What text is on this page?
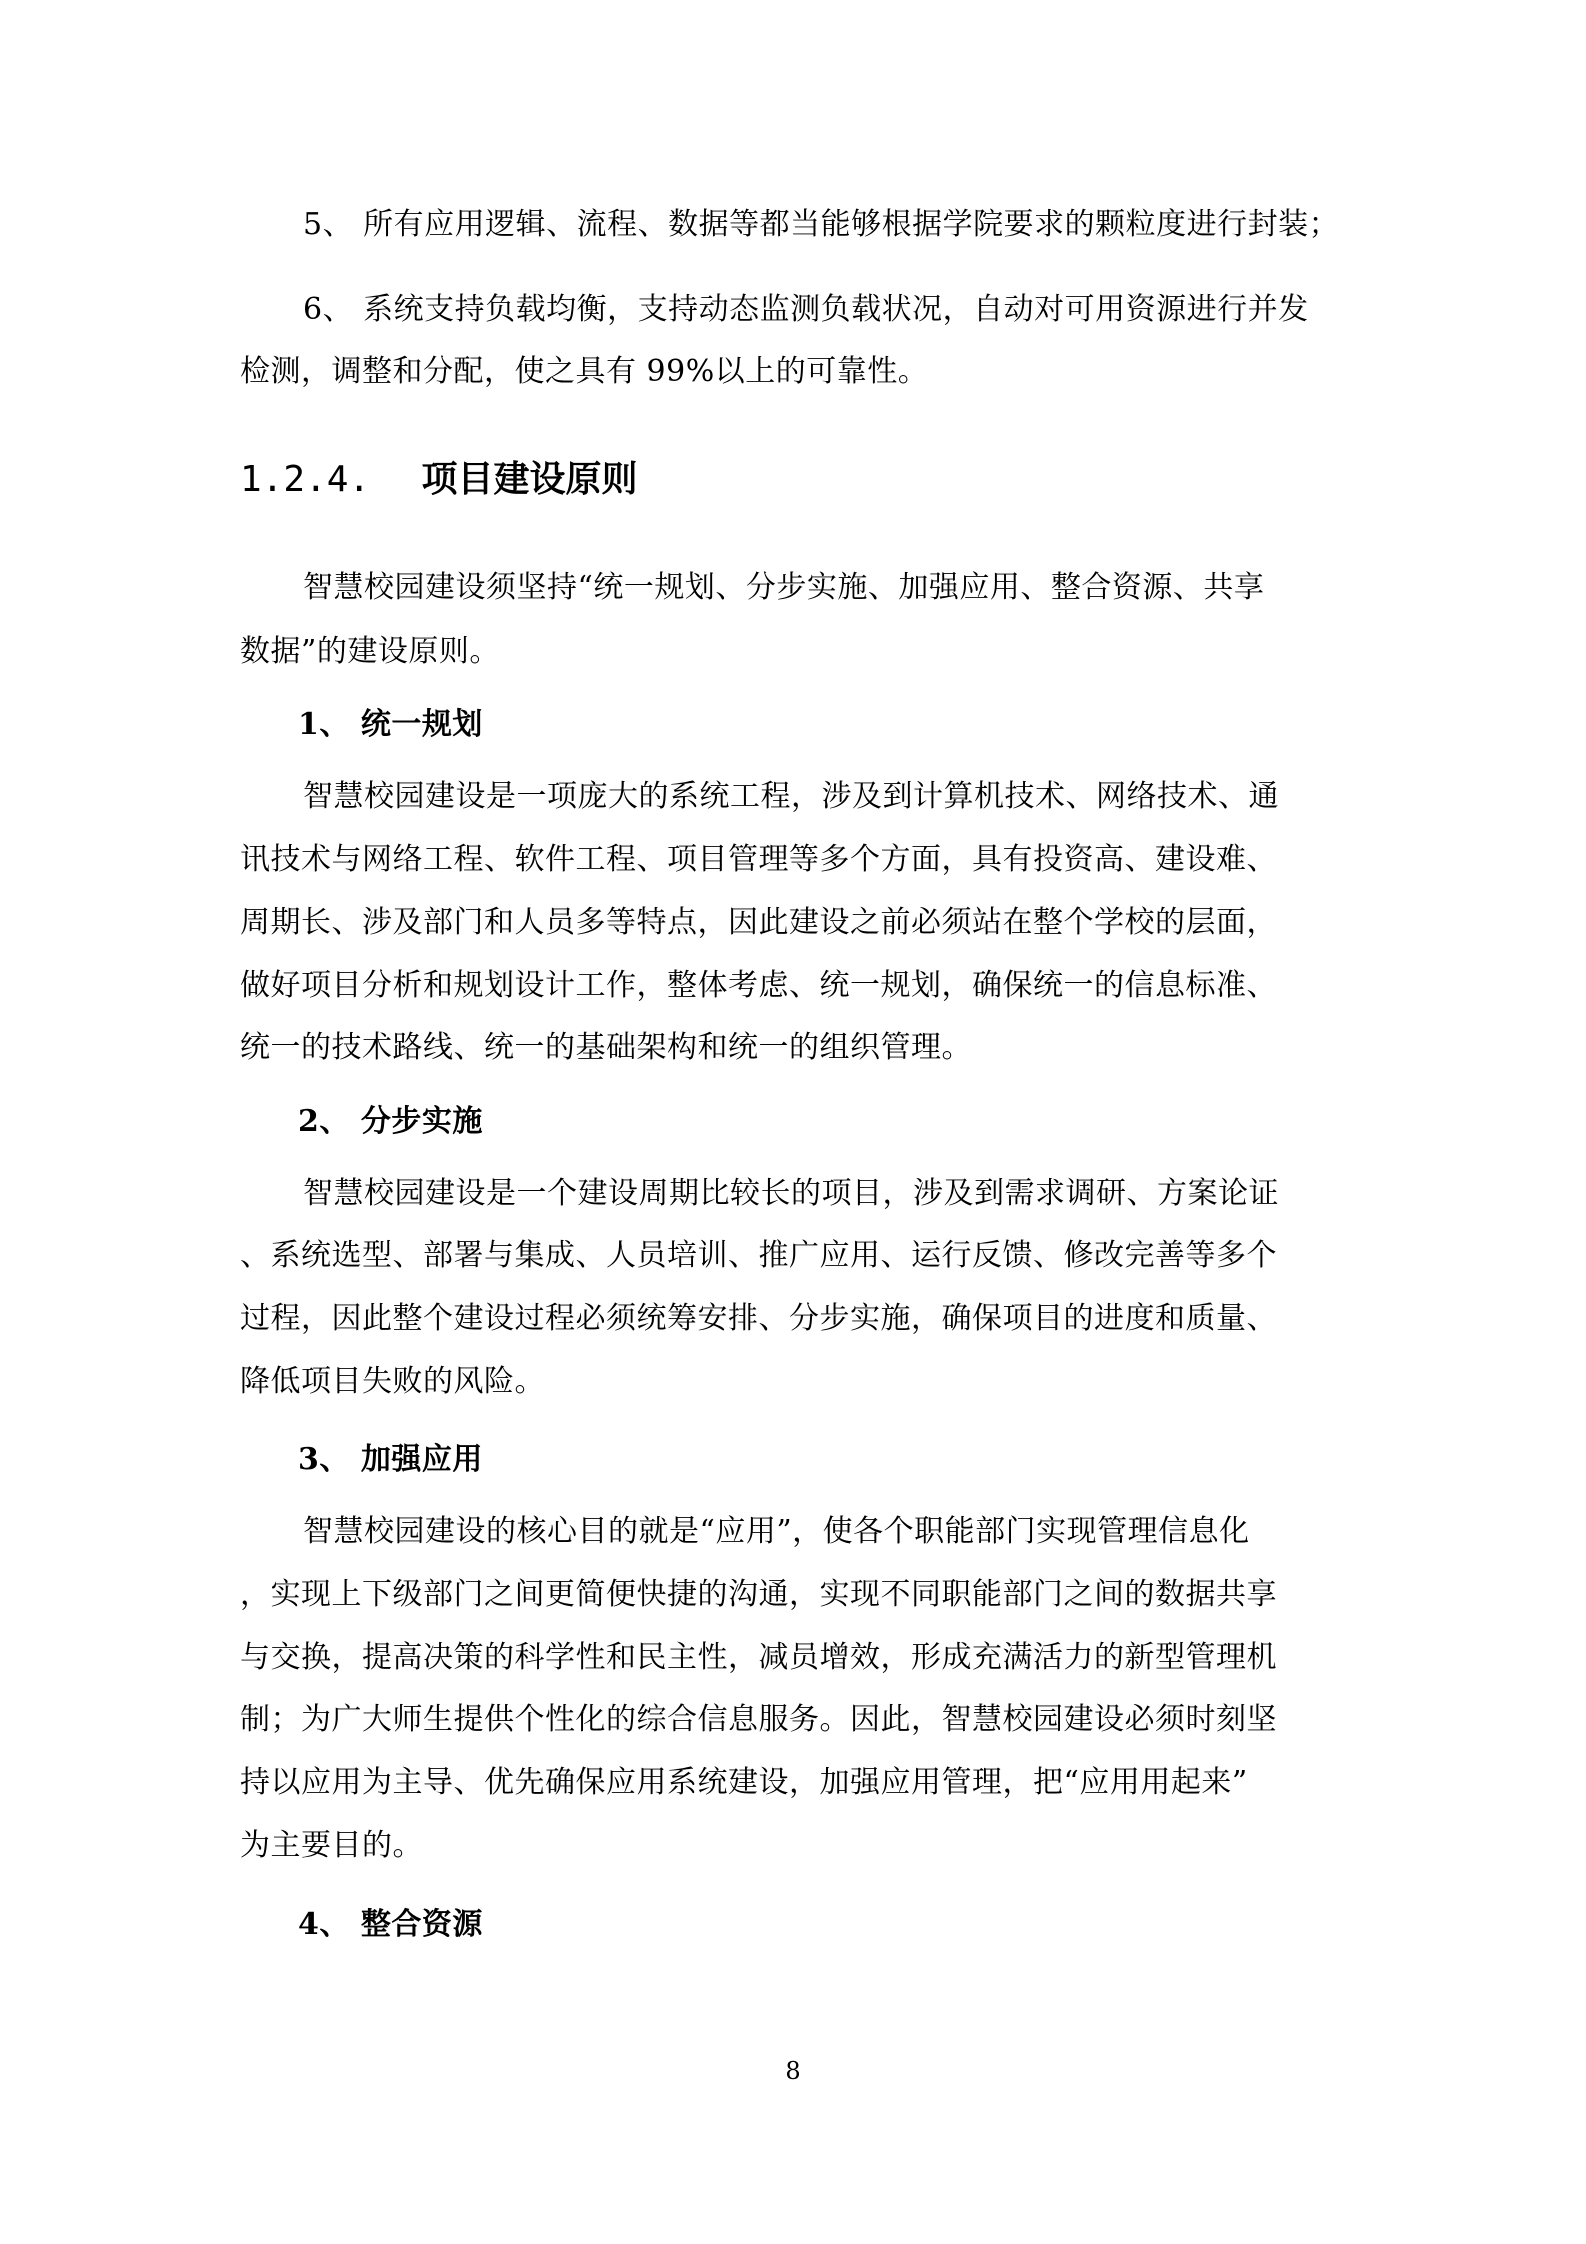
5、 所有应用逻辑、流程、数据等都当能够根据学院要求的颗粒度进行封装；
6、 系统支持负载均衡，支持动态监测负载状况，自动对可用资源进行并发
检测，调整和分配，使之具有 99%以上的可靠性。
1.2.4. 项目建设原则
智慧校园建设须坚持“统一规划、分步实施、加强应用、整合资源、共享
数据”的建设原则。
1、 统一规划
智慧校园建设是一项庞大的系统工程，涉及到计算机技术、网络技术、通
讯技术与网络工程、软件工程、项目管理等多个方面，具有投资高、建设难、
周期长、涉及部门和人员多等特点，因此建设之前必须站在整个学校的层面，
做好项目分析和规划设计工作，整体考虑、统一规划，确保统一的信息标准、
统一的技术路线、统一的基础架构和统一的组织管理。
2、 分步实施
智慧校园建设是一个建设周期比较长的项目，涉及到需求调研、方案论证
、系统选型、部署与集成、人员培训、推广应用、运行反馈、修改完善等多个
过程，因此整个建设过程必须统筹安排、分步实施，确保项目的进度和质量、
降低项目失败的风险。
3、 加强应用
智慧校园建设的核心目的就是“应用”，使各个职能部门实现管理信息化
，实现上下级部门之间更简便快捷的沟通，实现不同职能部门之间的数据共享
与交换，提高决策的科学性和民主性，减员增效，形成充满活力的新型管理机
制；为广大师生提供个性化的综合信息服务。因此，智慧校园建设必须时刻坚
持以应用为主导、优先确保应用系统建设，加强应用管理，把“应用用起来”
为主要目的。
4、 整合资源
8
